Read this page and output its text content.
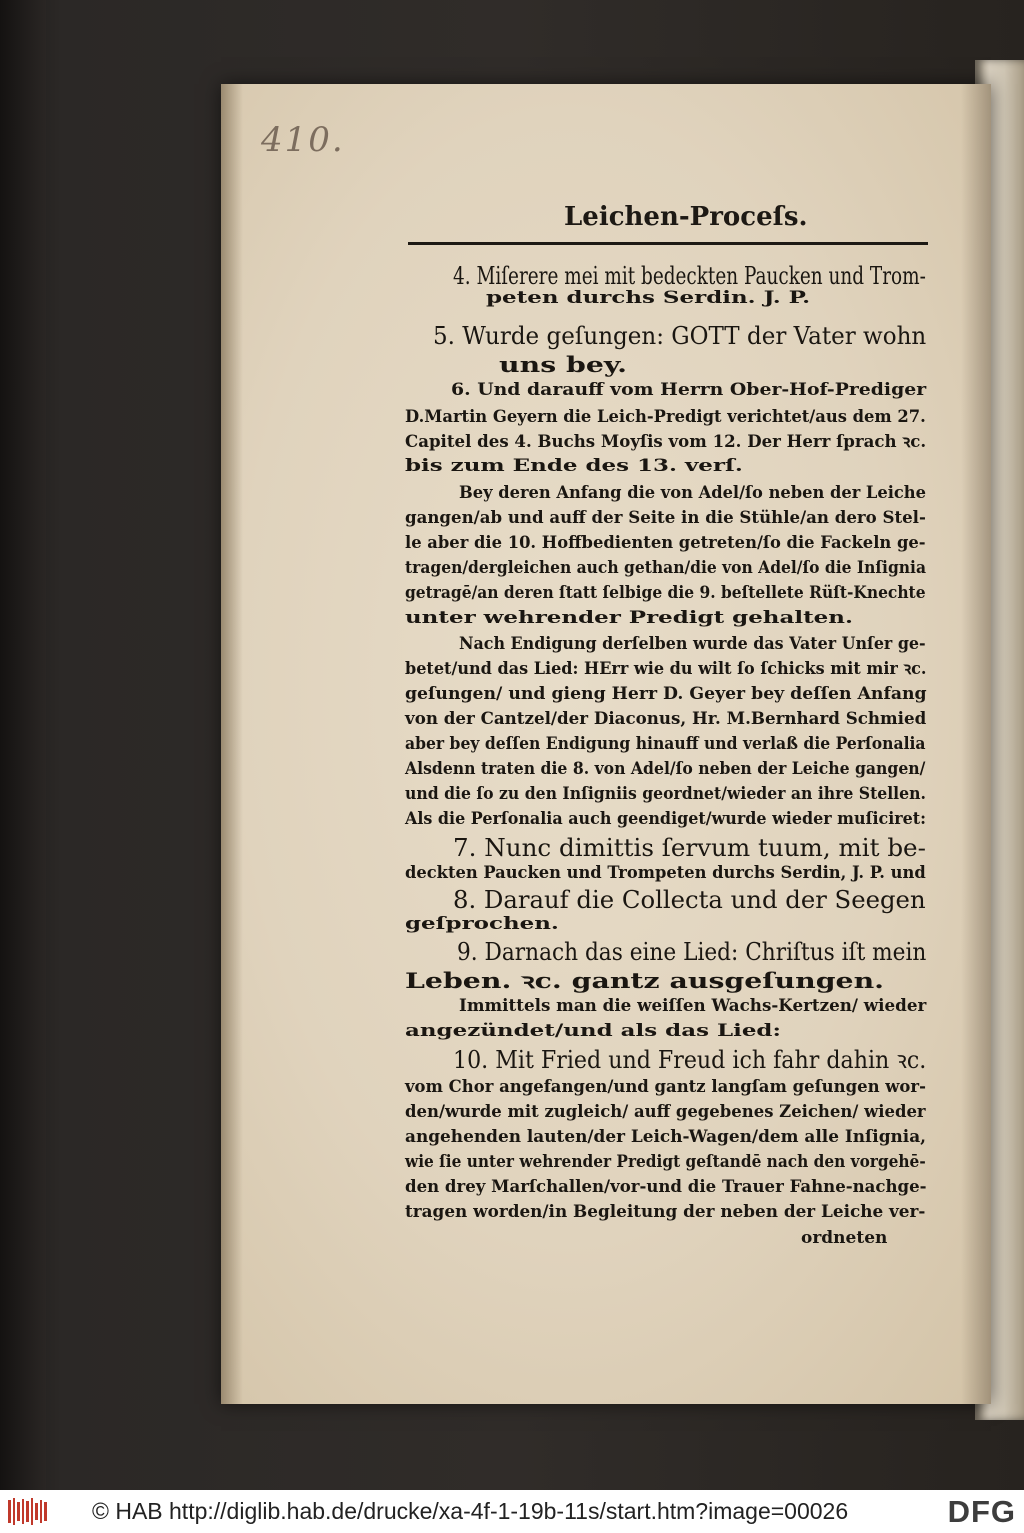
410.
Leichen-Proceſs.
4. Miſerere mei mit bedeckten Paucken und Trom-
peten durchs Serdin. J. P.
5. Wurde geſungen: GOTT der Vater wohn
uns bey.
6. Und darauff vom Herrn Ober-Hof-Prediger
D.Martin Geyern die Leich-Predigt verichtet/aus dem 27.
Capitel des 4. Buchs Moyſis vom 12. Der Herr ſprach ꝛc.
bis zum Ende des 13. verſ.
Bey deren Anfang die von Adel/ſo neben der Leiche
gangen/ab und auff der Seite in die Stühle/an dero Stel-
le aber die 10. Hoffbedienten getreten/ſo die Fackeln ge-
tragen/dergleichen auch gethan/die von Adel/ſo die Inſignia
getragē/an deren ſtatt ſelbige die 9. beſtellete Rüſt-Knechte
unter wehrender Predigt gehalten.
Nach Endigung derſelben wurde das Vater Unſer ge-
betet/und das Lied: HErr wie du wilt ſo ſchicks mit mir ꝛc.
geſungen/ und gieng Herr D. Geyer bey deſſen Anfang
von der Cantzel/der Diaconus, Hr. M.Bernhard Schmied
aber bey deſſen Endigung hinauff und verlaß die Perſonalia
Alsdenn traten die 8. von Adel/ſo neben der Leiche gangen/
und die ſo zu den Inſigniis geordnet/wieder an ihre Stellen.
Als die Perſonalia auch geendiget/wurde wieder muſiciret:
7. Nunc dimittis ſervum tuum, mit be-
deckten Paucken und Trompeten durchs Serdin, J. P. und
8. Darauf die Collecta und der Seegen
geſprochen.
9. Darnach das eine Lied: Chriſtus iſt mein
Leben. ꝛc. gantz ausgeſungen.
Immittels man die weiſſen Wachs-Kertzen/ wieder
angezündet/und als das Lied:
10. Mit Fried und Freud ich fahr dahin ꝛc.
vom Chor angefangen/und gantz langſam geſungen wor-
den/wurde mit zugleich/ auff gegebenes Zeichen/ wieder
angehenden lauten/der Leich-Wagen/dem alle Inſignia,
wie ſie unter wehrender Predigt geſtandē nach den vorgehē-
den drey Marſchallen/vor-und die Trauer Fahne-nachge-
tragen worden/in Begleitung der neben der Leiche ver-
ordneten
© HAB http://diglib.hab.de/drucke/xa-4f-1-19b-11s/start.htm?image=00026	DFG
